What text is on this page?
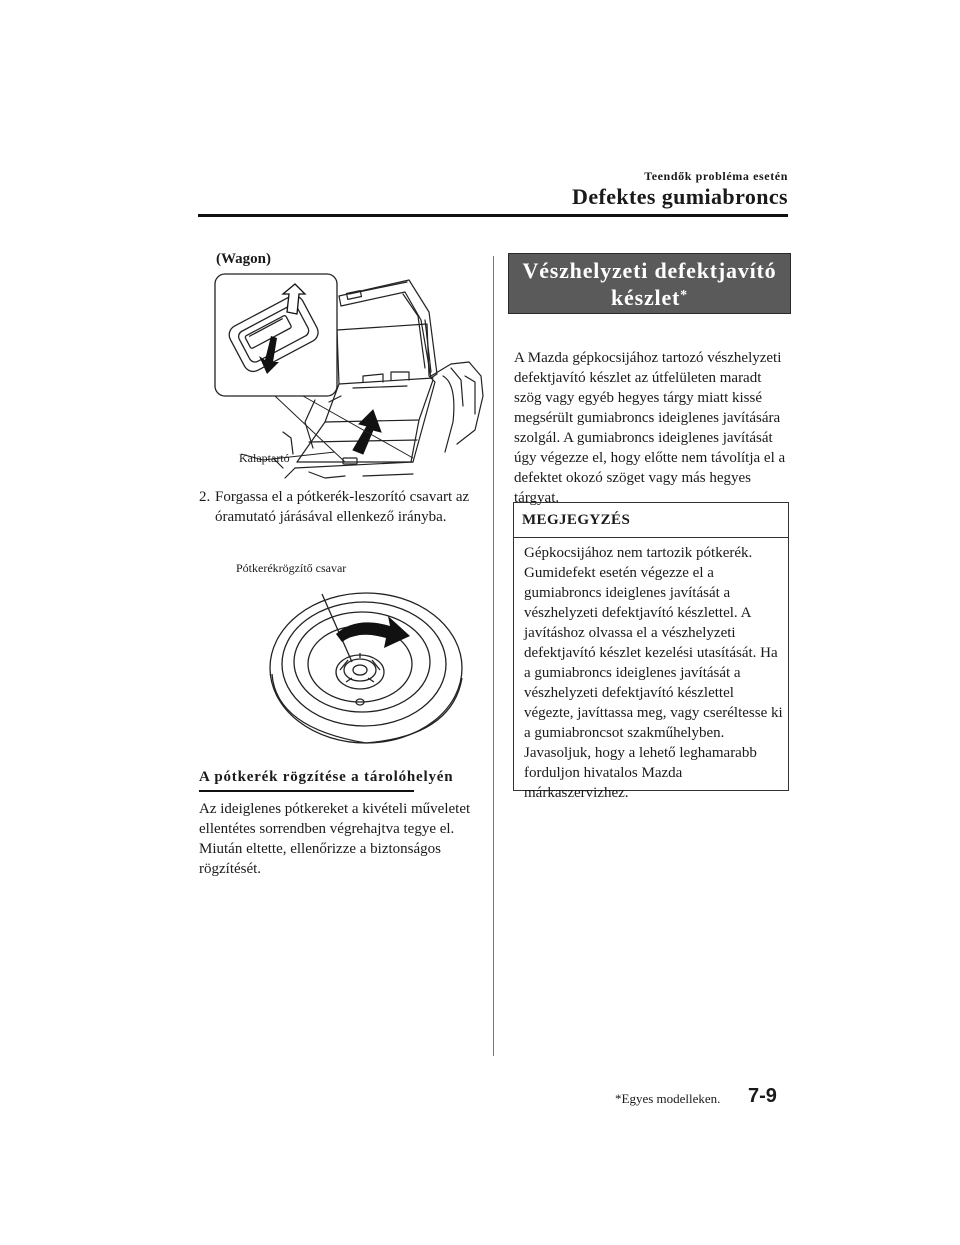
Teendők probléma esetén
Defektes gumiabroncs
(Wagon)
Kalaptartó
2. Forgassa el a pótkerék-leszorító csavart az óramutató járásával ellenkező irányba.
Pótkerékrögzítő csavar
A pótkerék rögzítése a tárolóhelyén
Az ideiglenes pótkereket a kivételi műveletet ellentétes sorrendben végrehajtva tegye el. Miután eltette, ellenőrizze a biztonságos rögzítését.
Vészhelyzeti defektjavító
készlet*
A Mazda gépkocsijához tartozó vészhelyzeti defektjavító készlet az útfelületen maradt szög vagy egyéb hegyes tárgy miatt kissé megsérült gumiabroncs ideiglenes javítására szolgál. A gumiabroncs ideiglenes javítását úgy végezze el, hogy előtte nem távolítja el a defektet okozó szöget vagy más hegyes tárgyat.
MEGJEGYZÉS
Gépkocsijához nem tartozik pótkerék. Gumidefekt esetén végezze el a gumiabroncs ideiglenes javítását a vészhelyzeti defektjavító készlettel. A javításhoz olvassa el a vészhelyzeti defektjavító készlet kezelési utasítását. Ha a gumiabroncs ideiglenes javítását a vészhelyzeti defektjavító készlettel végezte, javíttassa meg, vagy cseréltesse ki a gumiabroncsot szakműhelyben. Javasoljuk, hogy a lehető leghamarabb forduljon hivatalos Mazda márkaszervizhez.
*Egyes modelleken. 7-9
